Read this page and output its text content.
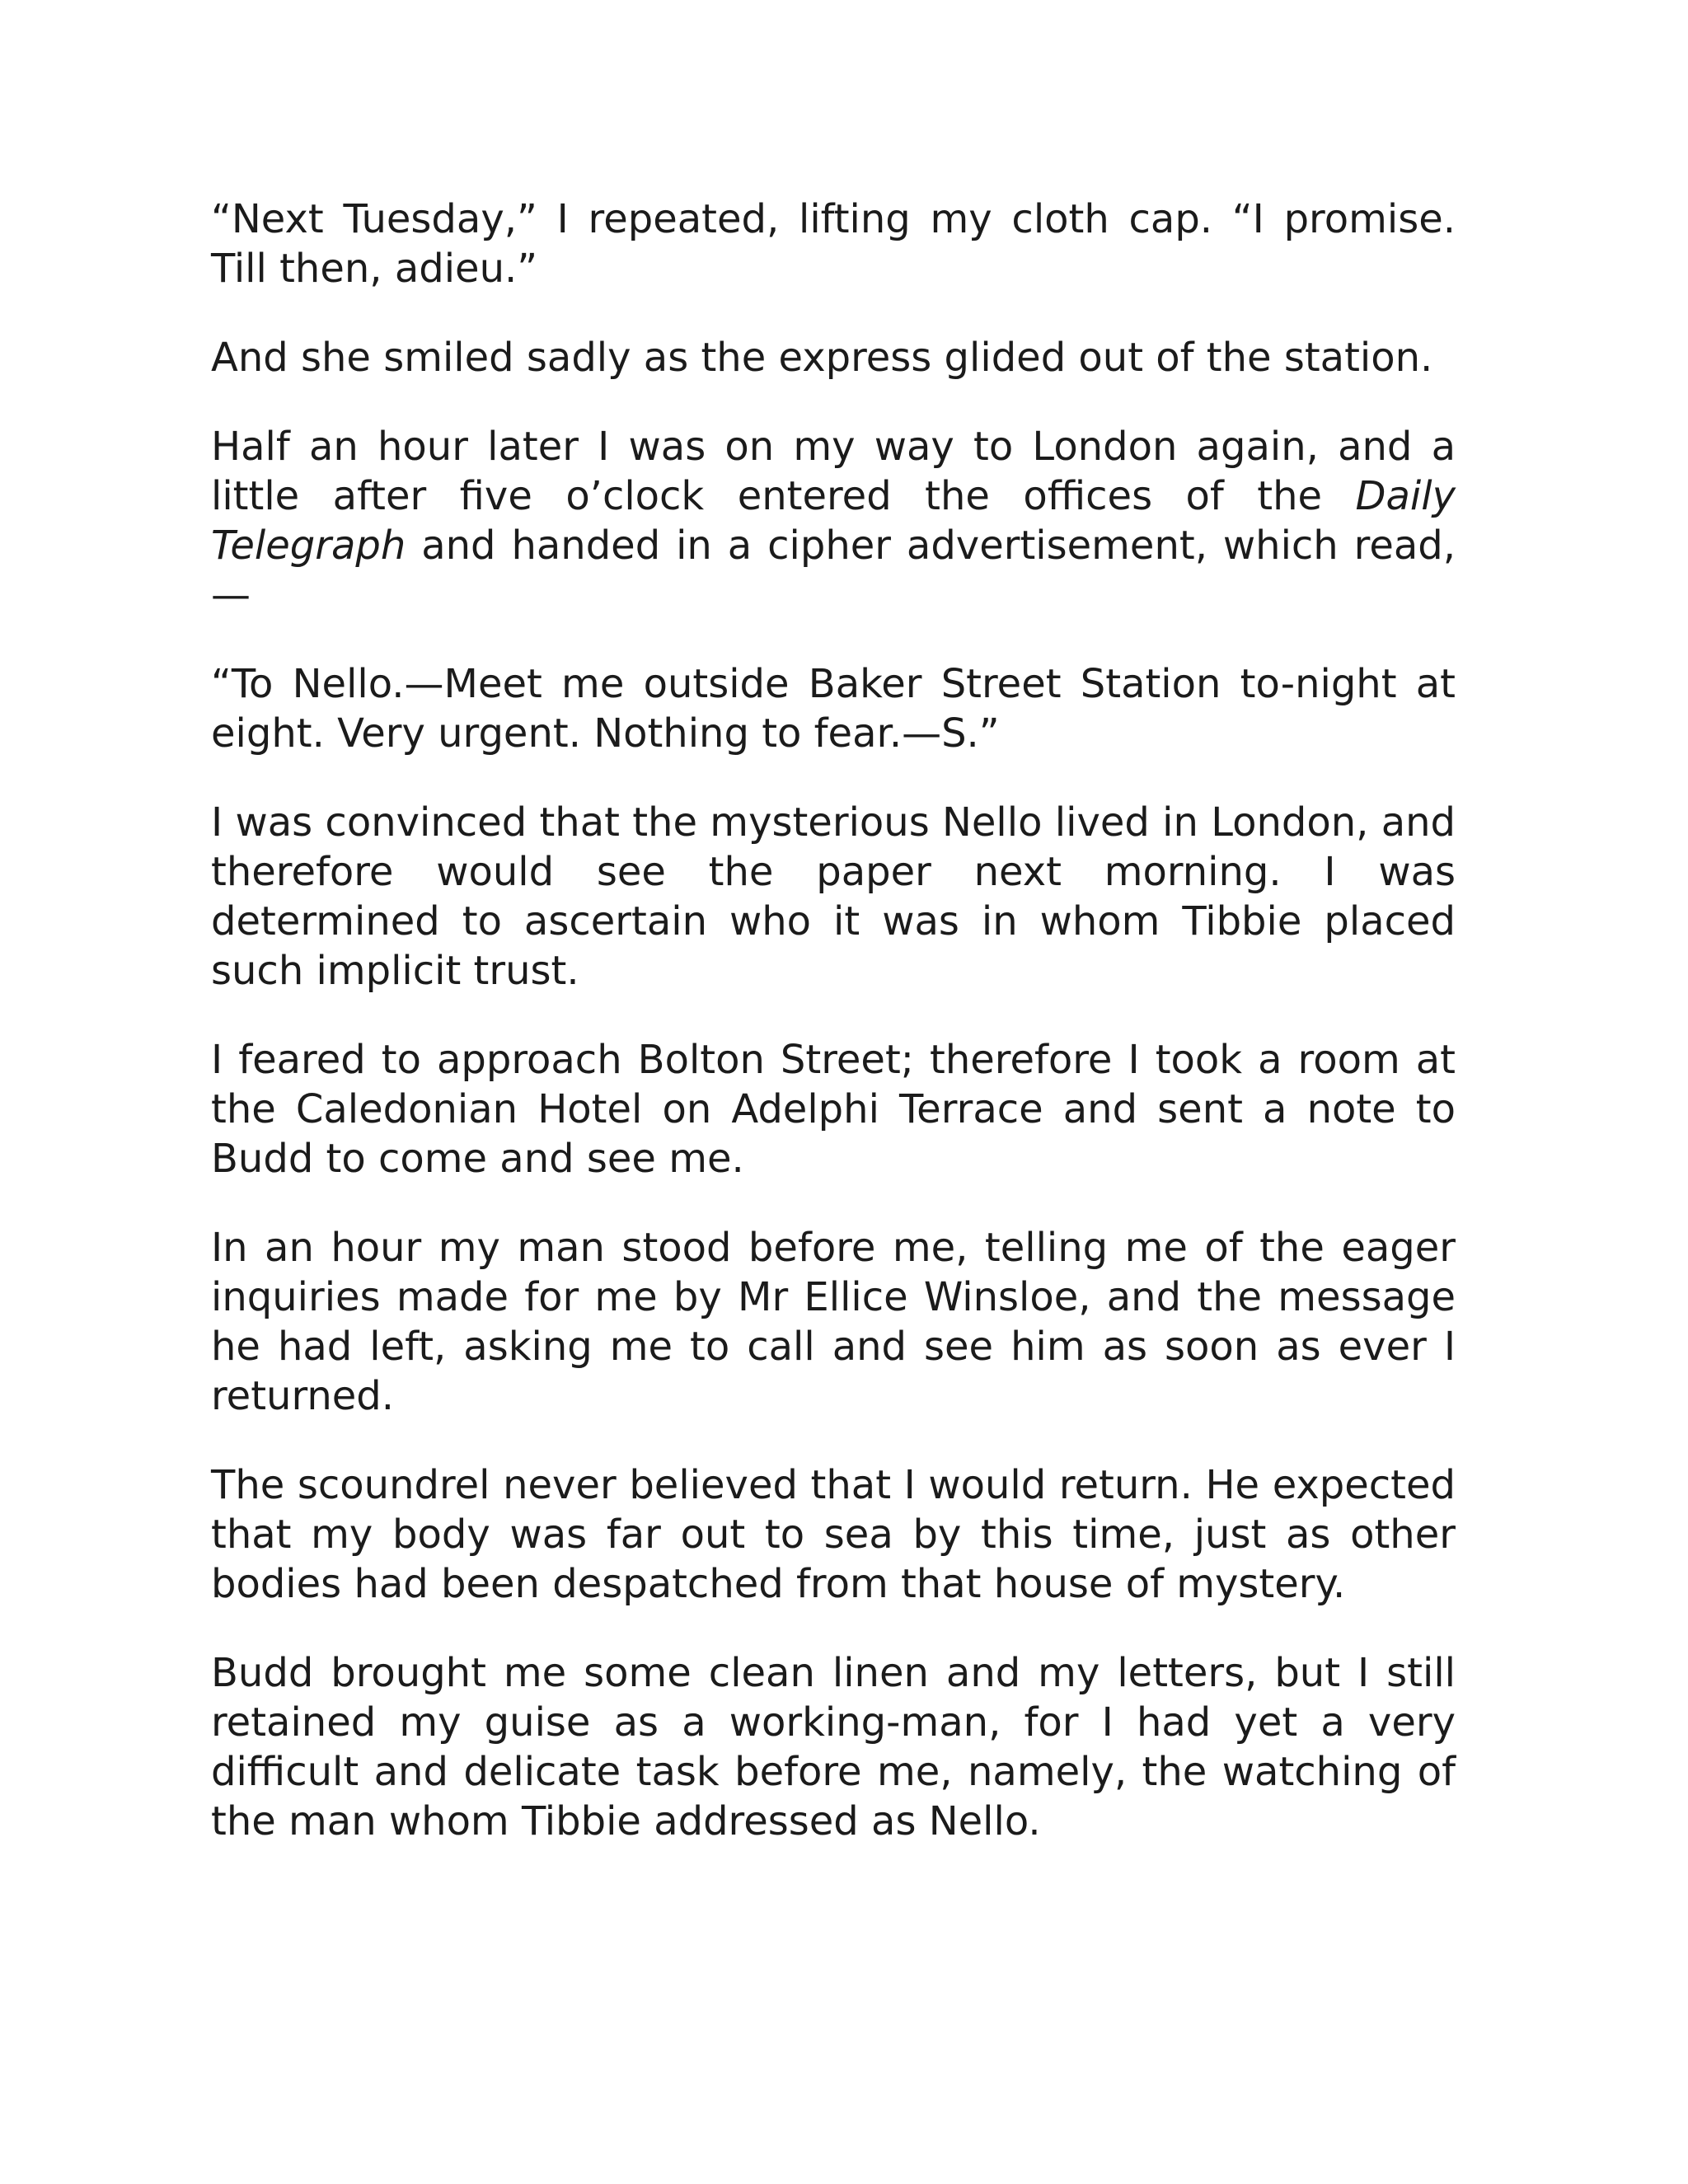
“Next Tuesday,” I repeated, lifting my cloth cap. “I promise. Till then, adieu.”

And she smiled sadly as the express glided out of the station.

Half an hour later I was on my way to London again, and a little after five o’clock entered the offices of the Daily Telegraph and handed in a cipher advertisement, which read,—

“To Nello.—Meet me outside Baker Street Station to-night at eight. Very urgent. Nothing to fear.—S.”

I was convinced that the mysterious Nello lived in London, and therefore would see the paper next morning. I was determined to ascertain who it was in whom Tibbie placed such implicit trust.

I feared to approach Bolton Street; therefore I took a room at the Caledonian Hotel on Adelphi Terrace and sent a note to Budd to come and see me.

In an hour my man stood before me, telling me of the eager inquiries made for me by Mr Ellice Winsloe, and the message he had left, asking me to call and see him as soon as ever I returned.

The scoundrel never believed that I would return. He expected that my body was far out to sea by this time, just as other bodies had been despatched from that house of mystery.

Budd brought me some clean linen and my letters, but I still retained my guise as a working-man, for I had yet a very difficult and delicate task before me, namely, the watching of the man whom Tibbie addressed as Nello.
